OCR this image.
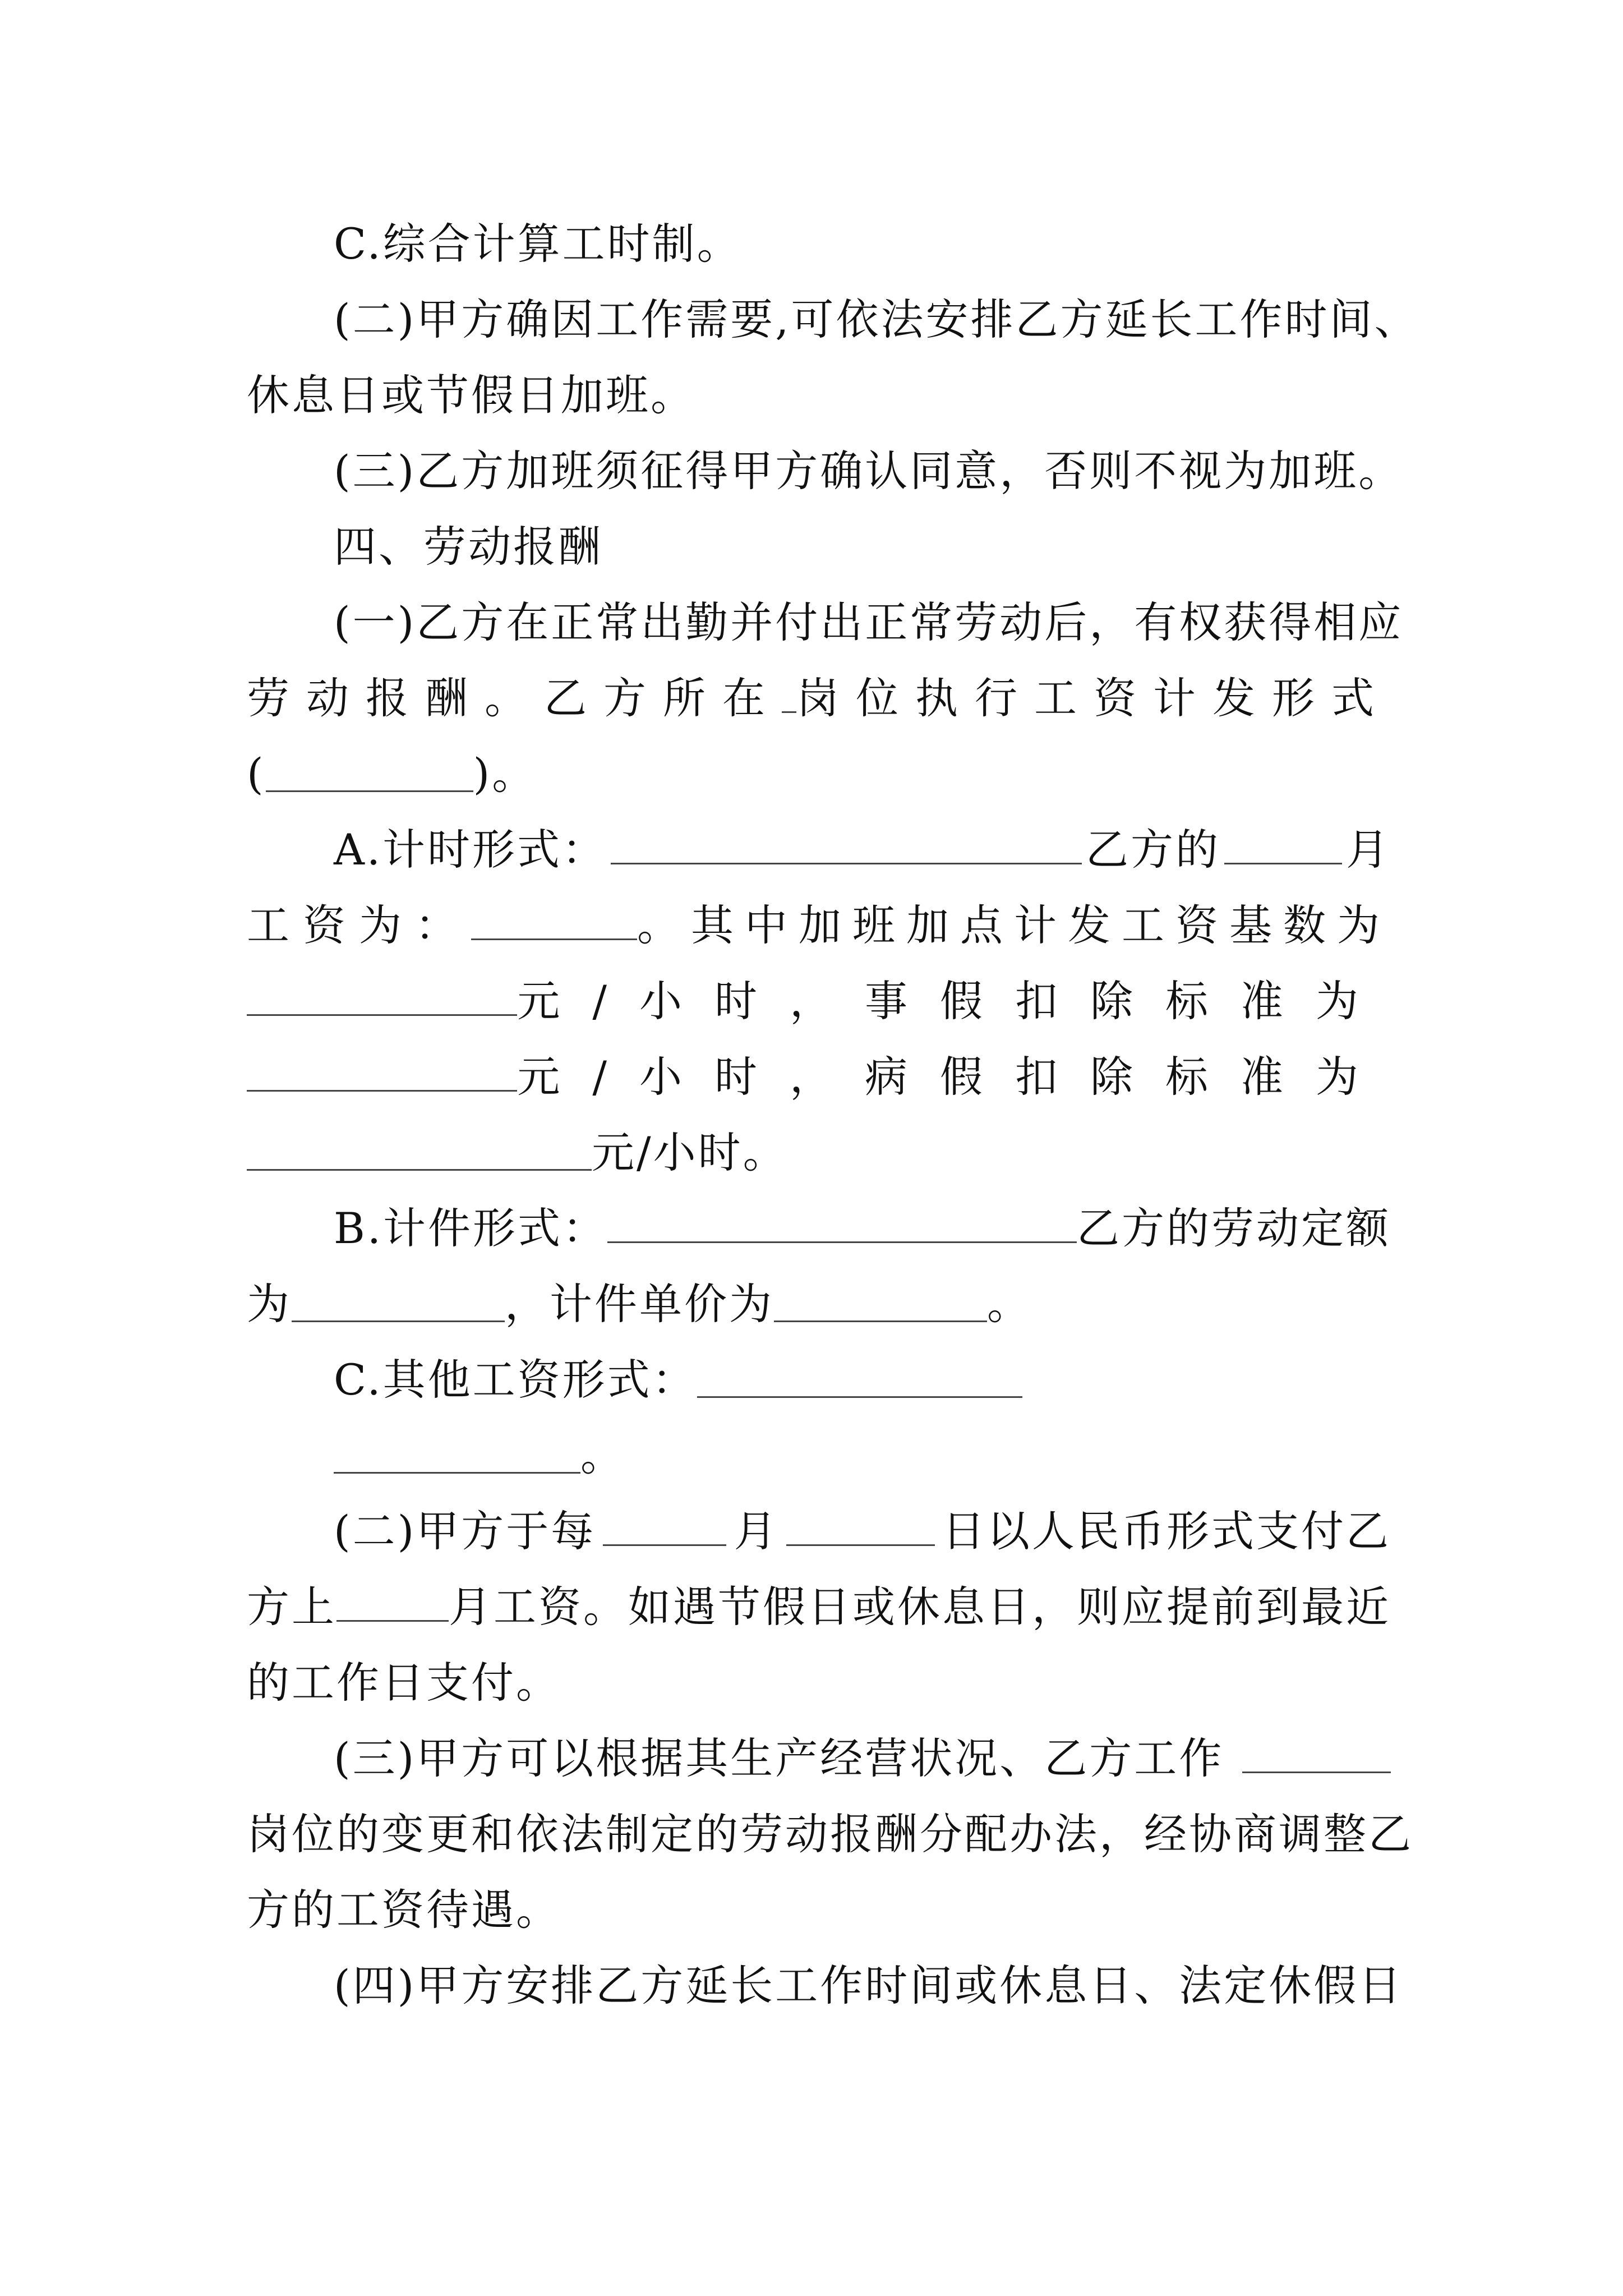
C.综合计算工时制。
(二)甲方确因工作需要,可依法安排乙方延长工作时间、
休息日或节假日加班。
(三)乙方加班须征得甲方确认同意，否则不视为加班。
四、劳动报酬
(一)乙方在正常出勤并付出正常劳动后，有权获得相应
劳动报酬。乙方所在 岗位执行工资计发形式
(	)。
A.计时形式：	乙方的	月
工资为：	。其中加班加点计发工资基数为
元/小时，事假扣除标准为
元/小时，病假扣除标准为
元/小时。
B.计件形式：	乙方的劳动定额
为	，计件单价为	。
C.其他工资形式：
。
(二)甲方于每	月	日以人民币形式支付乙
方上	月工资。如遇节假日或休息日，则应提前到最近
的工作日支付。
(三)甲方可以根据其生产经营状况、乙方工作
岗位的变更和依法制定的劳动报酬分配办法，经协商调整乙
方的工资待遇。
(四)甲方安排乙方延长工作时间或休息日、法定休假日
